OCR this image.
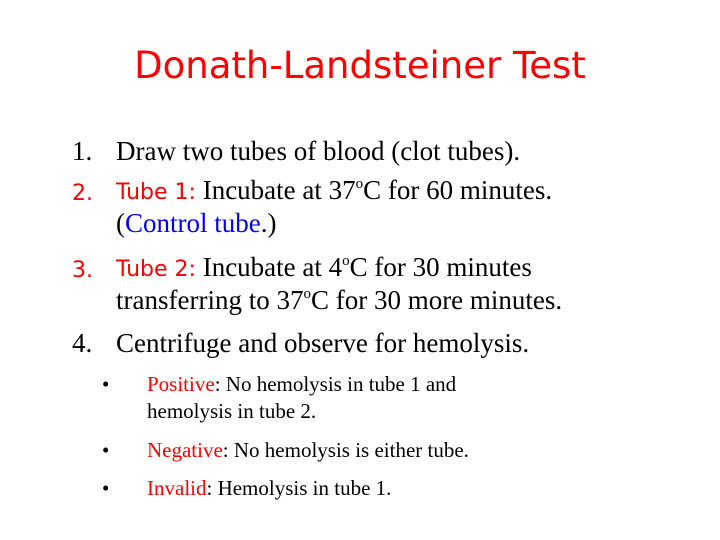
Donath-Landsteiner Test
1. Draw two tubes of blood (clot tubes).
2.	Tube 1: Incubate at 37$^o$C for 60 minutes.
(Control tube.)
3.	Tube 2: Incubate at 4$^o$C for 30 minutes
transferring to 37$^o$C for 30 more minutes.
4. Centrifuge and observe for hemolysis.
• Positive: No hemolysis in tube 1 and
hemolysis in tube 2.
• Negative: No hemolysis is either tube.
• Invalid: Hemolysis in tube 1.
